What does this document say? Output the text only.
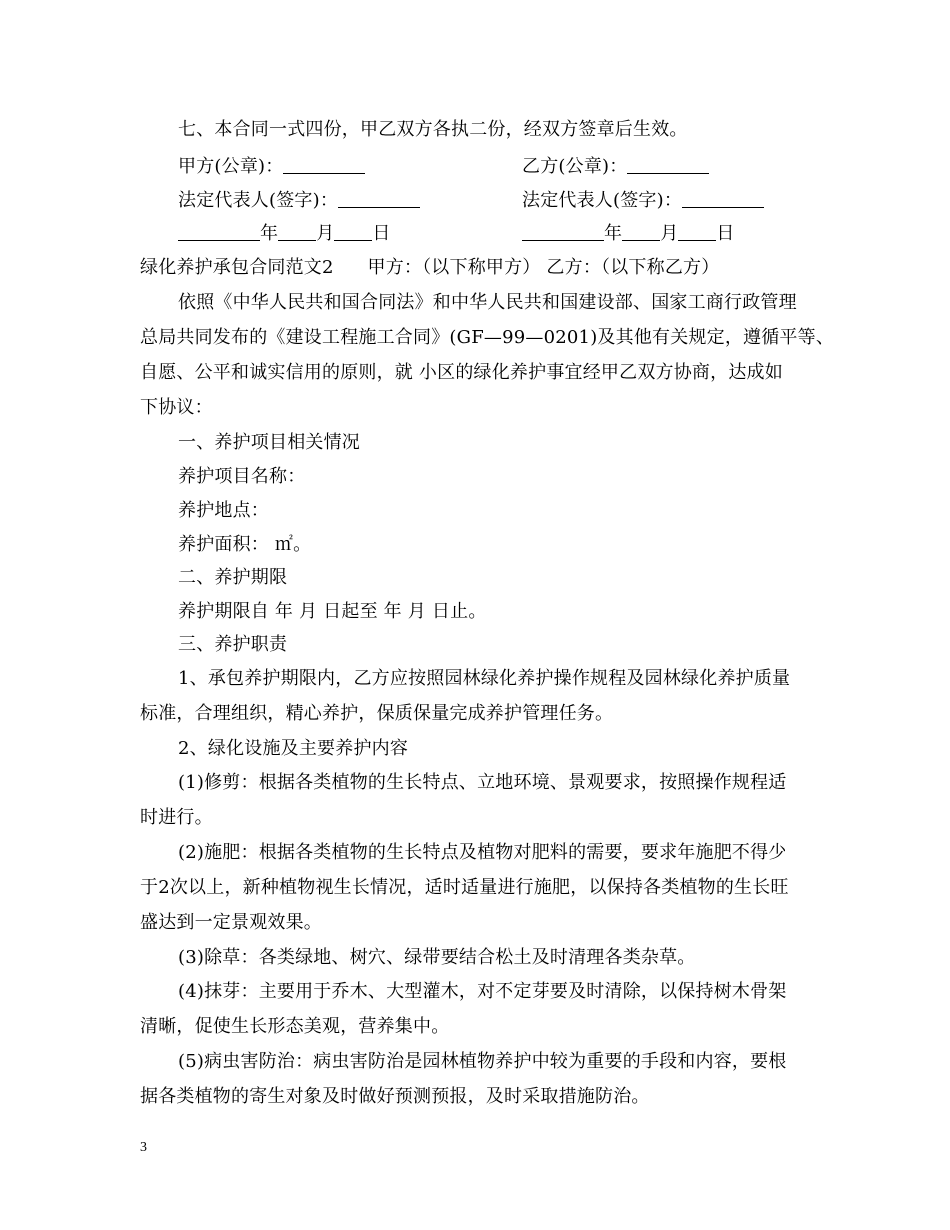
七、本合同一式四份，甲乙双方各执二份，经双方签章后生效。
甲方(公章)：	乙方(公章)：
法定代表人(签字)：	法定代表人(签字)：
年 月 日	年 月 日
绿化养护承包合同范文2 甲方：（以下称甲方） 乙方：（以下称乙方）
依照《中华人民共和国合同法》和中华人民共和国建设部、国家工商行政管理
总局共同发布的《建设工程施工合同》(GF—99—0201)及其他有关规定，遵循平等、
自愿、公平和诚实信用的原则，就 小区的绿化养护事宜经甲乙双方协商，达成如
下协议：
一、养护项目相关情况
养护项目名称：
养护地点：
养护面积： ㎡。
二、养护期限
养护期限自 年 月 日起至 年 月 日止。
三、养护职责
1、承包养护期限内，乙方应按照园林绿化养护操作规程及园林绿化养护质量
标准，合理组织，精心养护，保质保量完成养护管理任务。
2、绿化设施及主要养护内容
(1)修剪：根据各类植物的生长特点、立地环境、景观要求，按照操作规程适
时进行。
(2)施肥：根据各类植物的生长特点及植物对肥料的需要，要求年施肥不得少
于2次以上，新种植物视生长情况，适时适量进行施肥，以保持各类植物的生长旺
盛达到一定景观效果。
(3)除草：各类绿地、树穴、绿带要结合松土及时清理各类杂草。
(4)抹芽：主要用于乔木、大型灌木，对不定芽要及时清除，以保持树木骨架
清晰，促使生长形态美观，营养集中。
(5)病虫害防治：病虫害防治是园林植物养护中较为重要的手段和内容，要根
据各类植物的寄生对象及时做好预测预报，及时采取措施防治。
3
